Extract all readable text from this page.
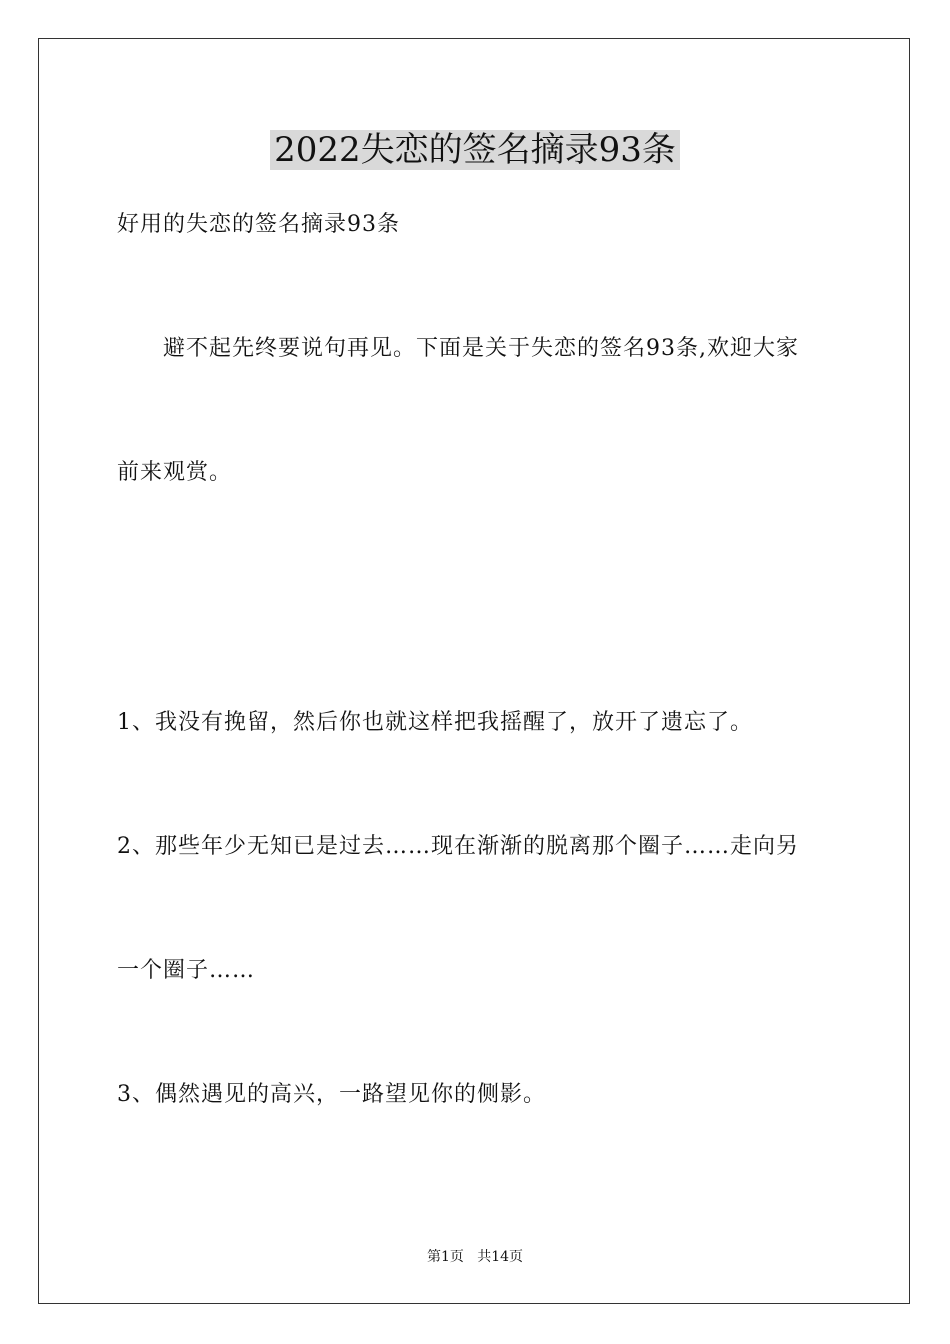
2022失恋的签名摘录93条
好用的失恋的签名摘录93条
避不起先终要说句再见。下面是关于失恋的签名93条,欢迎大家
前来观赏。
1、我没有挽留，然后你也就这样把我摇醒了，放开了遗忘了。
2、那些年少无知已是过去……现在渐渐的脱离那个圈子……走向另
一个圈子……
3、偶然遇见的高兴，一路望见你的侧影。
第1页   共14页
